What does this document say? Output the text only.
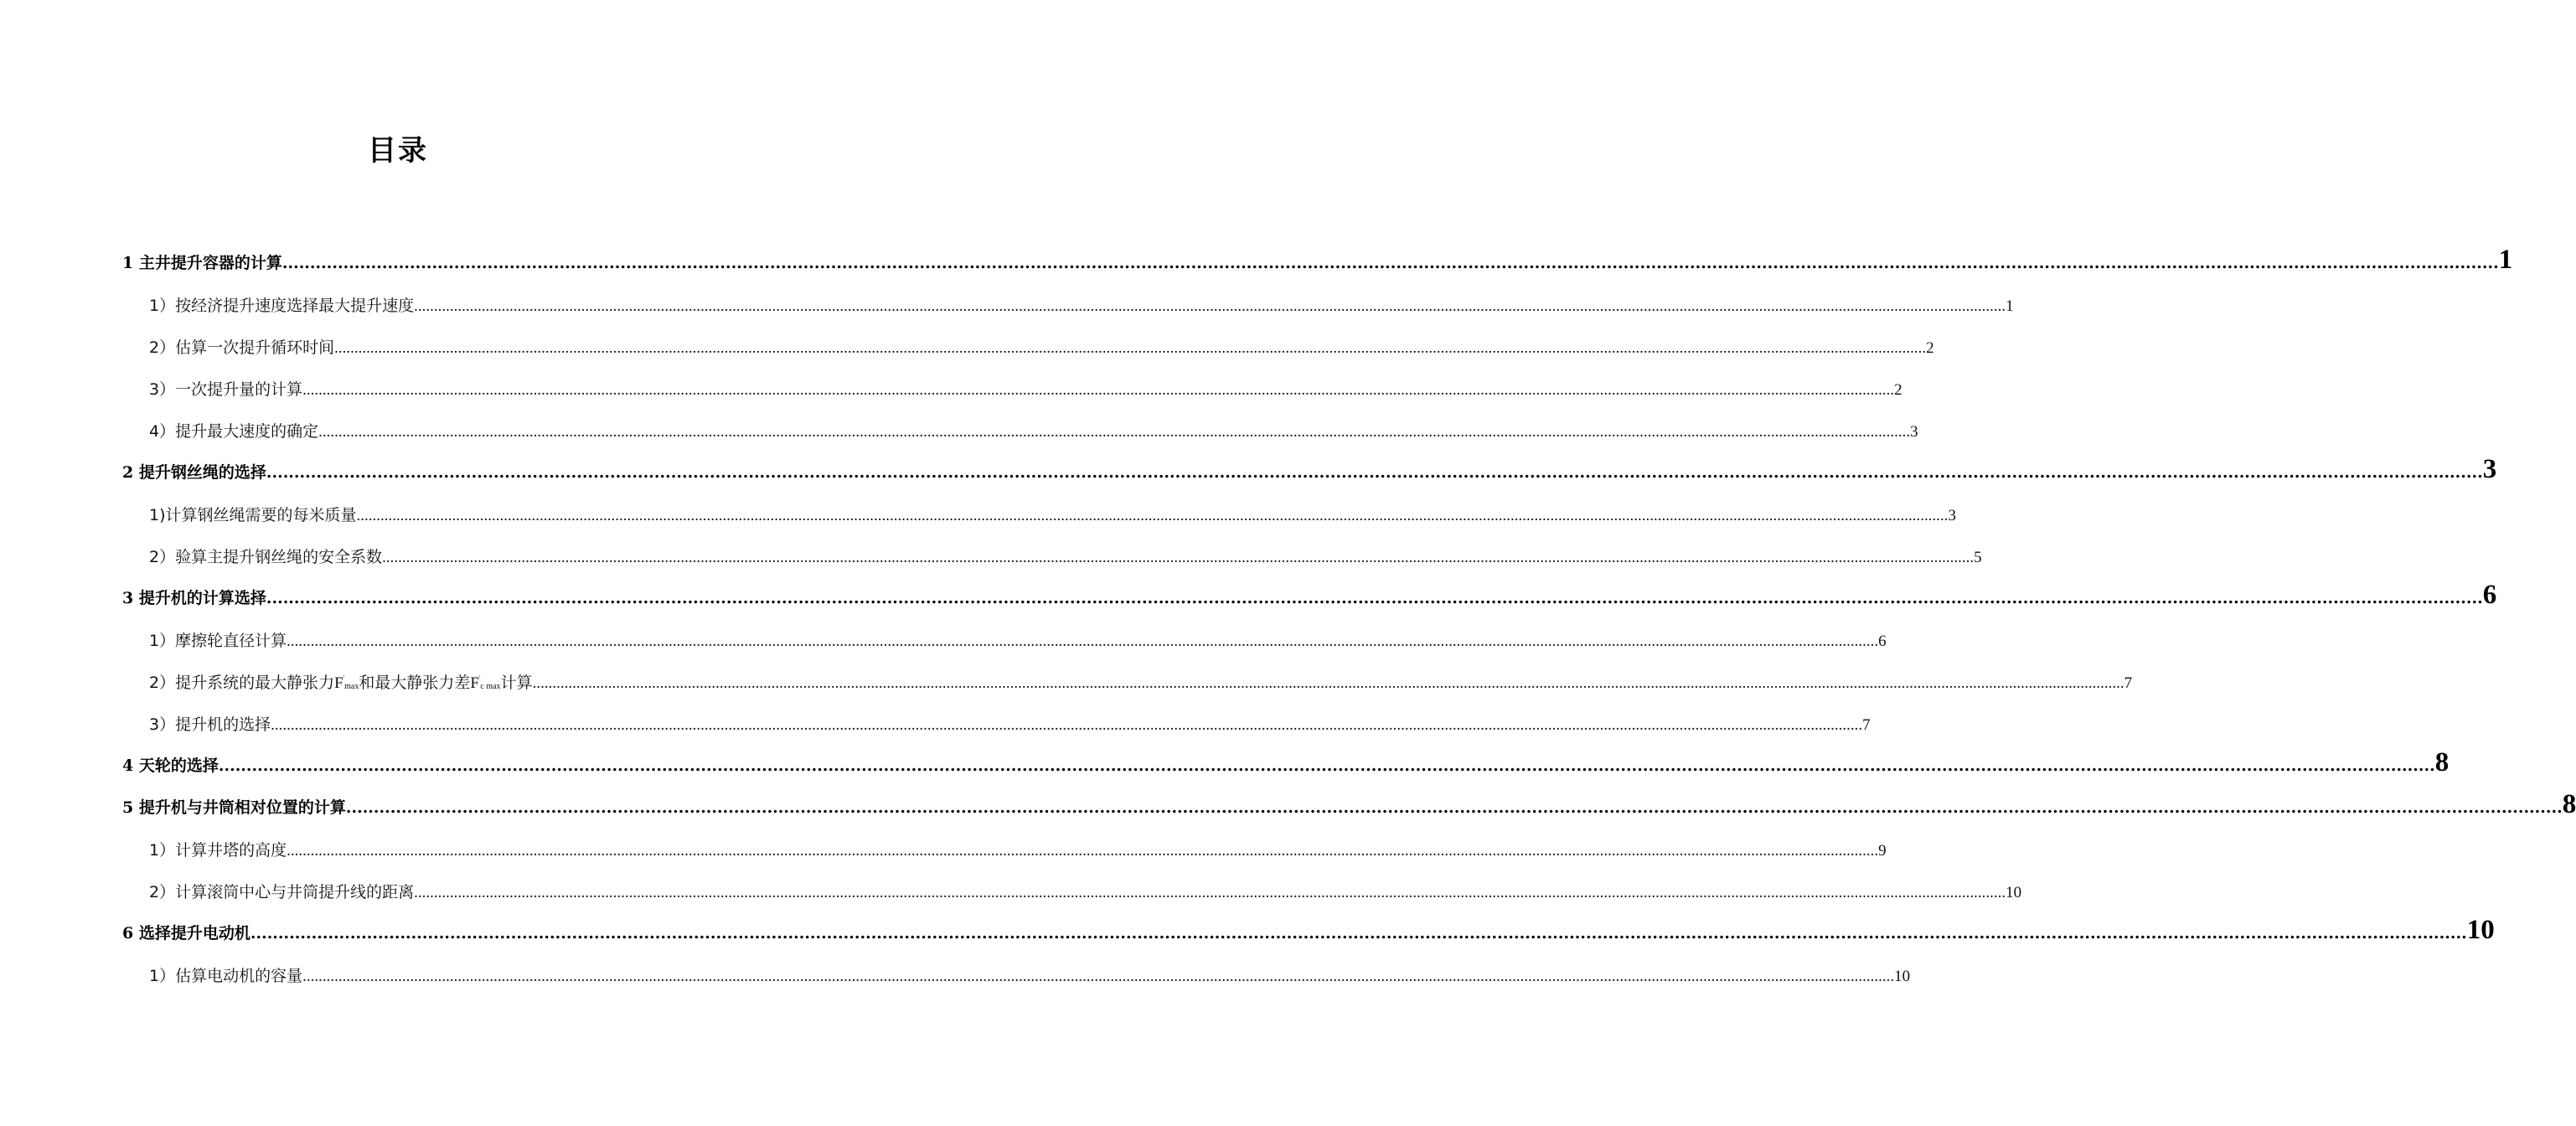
目录
1 主井提升容器的计算 ................................................................................................................................................................................................................................................................................................................................................................................................................ 1
1）按经济提升速度选择最大提升速度 ................................................................................................................................................................................................................................................................................................................................................................................................................ 1
2）估算一次提升循环时间 ................................................................................................................................................................................................................................................................................................................................................................................................................ 2
3）一次提升量的计算 ................................................................................................................................................................................................................................................................................................................................................................................................................ 2
4）提升最大速度的确定 ................................................................................................................................................................................................................................................................................................................................................................................................................ 3
2 提升钢丝绳的选择 ................................................................................................................................................................................................................................................................................................................................................................................................................ 3
1)计算钢丝绳需要的每米质量 ................................................................................................................................................................................................................................................................................................................................................................................................................ 3
2）验算主提升钢丝绳的安全系数 ................................................................................................................................................................................................................................................................................................................................................................................................................ 5
3 提升机的计算选择 ................................................................................................................................................................................................................................................................................................................................................................................................................ 6
1）摩擦轮直径计算 ................................................................................................................................................................................................................................................................................................................................................................................................................ 6
2）提升系统的最大静张力F'max和最大静张力差F'c max计算 ................................................................................................................................................................................................................................................................................................................................................................................................................ 7
3）提升机的选择 ................................................................................................................................................................................................................................................................................................................................................................................................................ 7
4 天轮的选择 ................................................................................................................................................................................................................................................................................................................................................................................................................ 8
5 提升机与井筒相对位置的计算 ................................................................................................................................................................................................................................................................................................................................................................................................................ 8
1）计算井塔的高度 ................................................................................................................................................................................................................................................................................................................................................................................................................ 9
2）计算滚筒中心与井筒提升线的距离 ................................................................................................................................................................................................................................................................................................................................................................................................................ 10
6 选择提升电动机 ................................................................................................................................................................................................................................................................................................................................................................................................................ 10
1）估算电动机的容量 ................................................................................................................................................................................................................................................................................................................................................................................................................ 10
